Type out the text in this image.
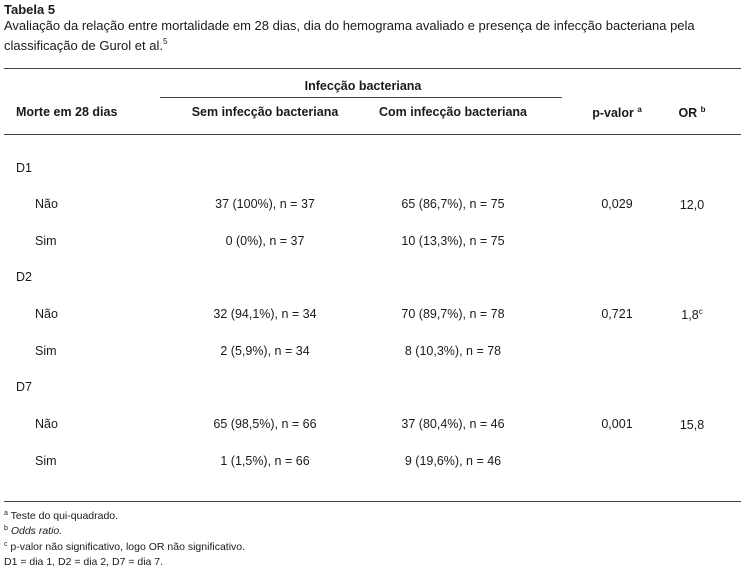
Tabela 5
Avaliação da relação entre mortalidade em 28 dias, dia do hemograma avaliado e presença de infecção bacteriana pela classificação de Gurol et al.$^5$
Infecção bacteriana
Morte em 28 dias	Sem infecção bacteriana	Com infecção bacteriana	p-valor $^a$	OR $^b$
D1
Não	37 (100%), n = 37	65 (86,7%), n = 75	0,029	12,0
Sim	0 (0%), n = 37	10 (13,3%), n = 75
D2
Não	32 (94,1%), n = 34	70 (89,7%), n = 78	0,721	1,8$^c$
Sim	2 (5,9%), n = 34	8 (10,3%), n = 78
D7
Não	65 (98,5%), n = 66	37 (80,4%), n = 46	0,001	15,8
Sim	1 (1,5%), n = 66	9 (19,6%), n = 46
$^a$ Teste do qui-quadrado.
$^b$ Odds ratio.
$^c$ p-valor não significativo, logo OR não significativo.
D1 = dia 1, D2 = dia 2, D7 = dia 7.
